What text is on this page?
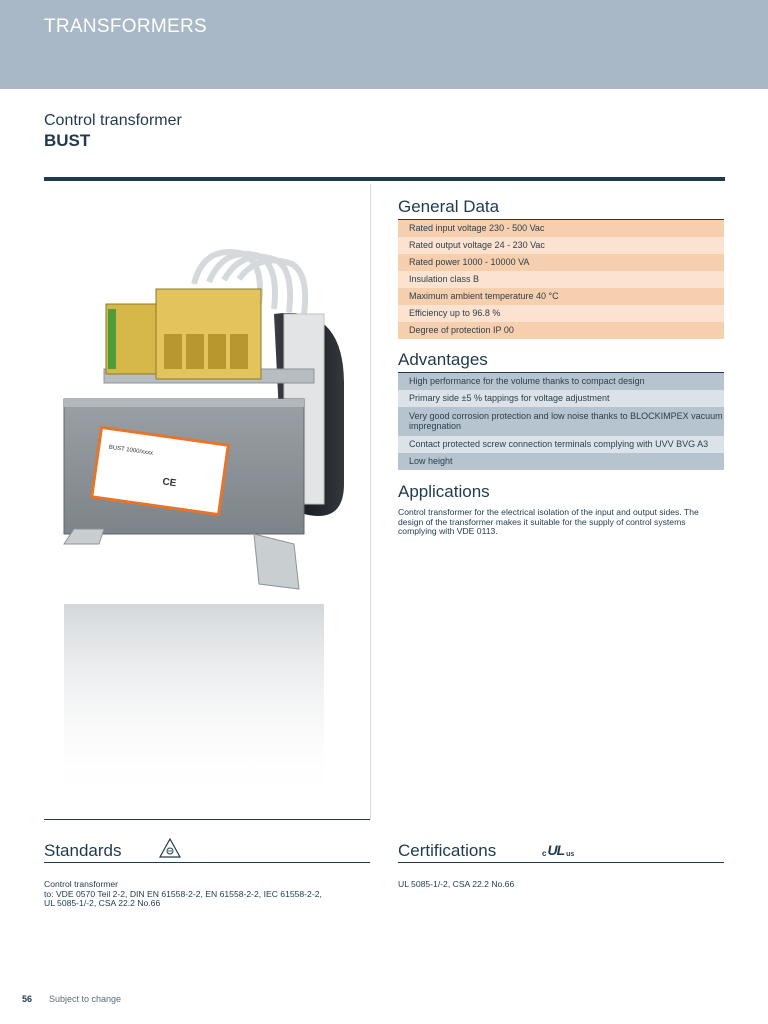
TRANSFORMERS
Control transformer
BUST
BUST 1000/xxxx
CE
General Data
Rated input voltage 230 - 500 Vac
Rated output voltage 24 - 230 Vac
Rated power 1000 - 10000 VA
Insulation class B
Maximum ambient temperature 40 °C
Efficiency up to 96.8 %
Degree of protection IP 00
Advantages
High performance for the volume thanks to compact design
Primary side ±5 % tappings for voltage adjustment
Very good corrosion protection and low noise thanks to BLOCKIMPEX vacuum impregnation
Contact protected screw connection terminals complying with UVV BVG A3
Low height
Applications
Control transformer for the electrical isolation of the input and output sides. The design of the transformer makes it suitable for the supply of control systems complying with VDE 0113.
Standards
Control transformer
to: VDE 0570 Teil 2-2, DIN EN 61558-2-2, EN 61558-2-2, IEC 61558-2-2,
UL 5085-1/-2, CSA 22.2 No.66
Certifications	c UL us
UL 5085-1/-2, CSA 22.2 No.66
56 Subject to change
